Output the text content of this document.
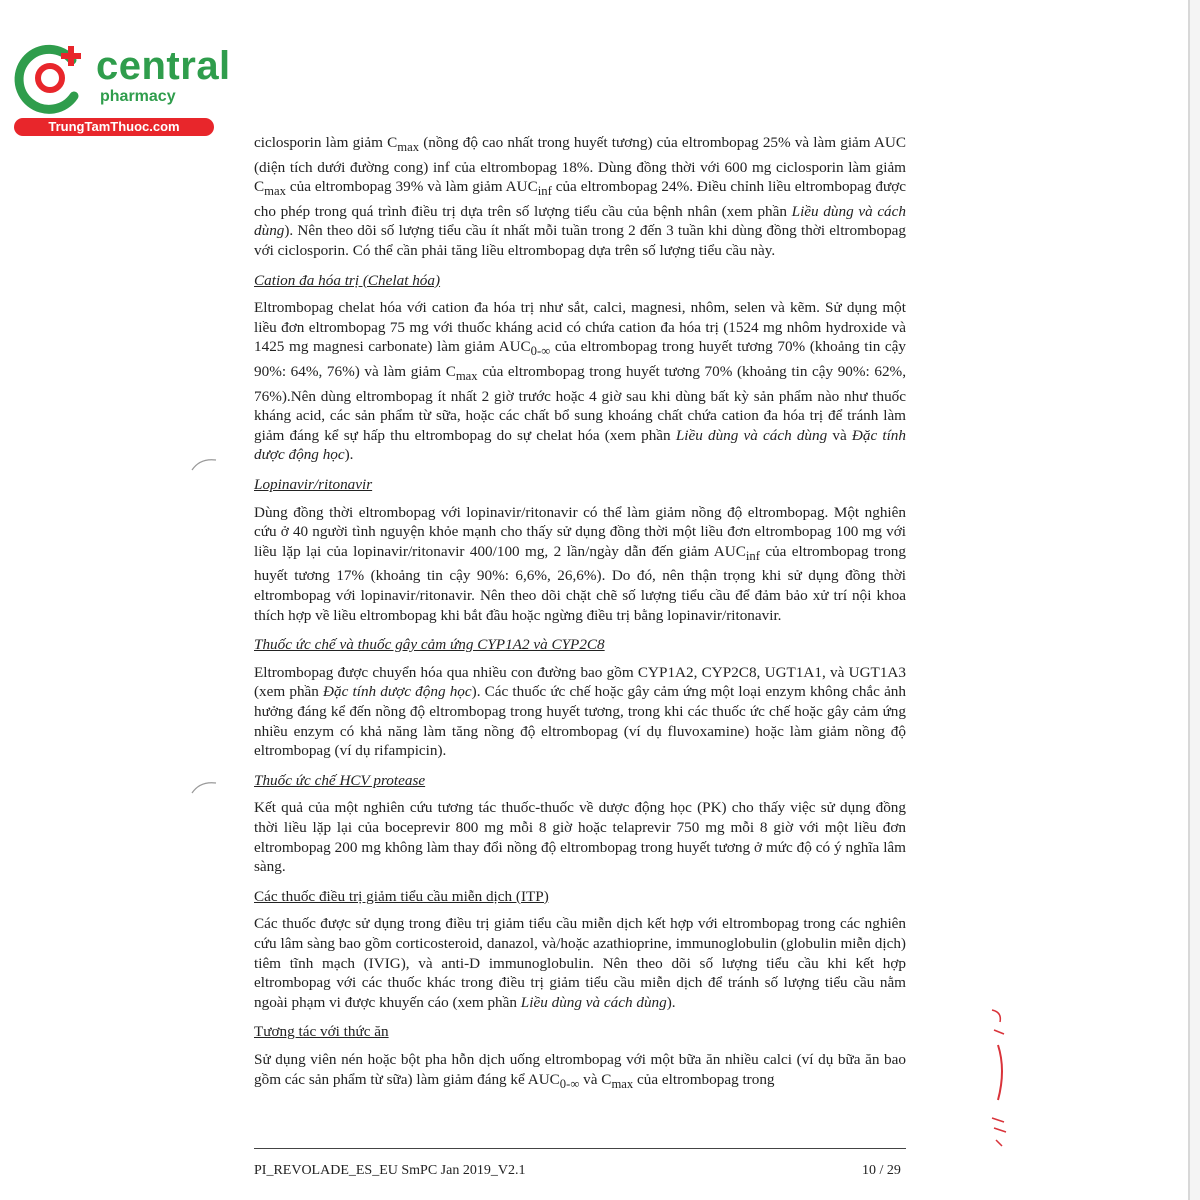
central
pharmacy
TrungTamThuoc.com

ciclosporin làm giảm $C_{max}$ (nồng độ cao nhất trong huyết tương) của eltrombopag 25% và làm giảm AUC (diện tích dưới đường cong) inf của eltrombopag 18%. Dùng đồng thời với 600 mg ciclosporin làm giảm $C_{max}$ của eltrombopag 39% và làm giảm $AUC_{inf}$ của eltrombopag 24%. Điều chỉnh liều eltrombopag được cho phép trong quá trình điều trị dựa trên số lượng tiểu cầu của bệnh nhân (xem phần Liều dùng và cách dùng). Nên theo dõi số lượng tiểu cầu ít nhất mỗi tuần trong 2 đến 3 tuần khi dùng đồng thời eltrombopag với ciclosporin. Có thể cần phải tăng liều eltrombopag dựa trên số lượng tiểu cầu này.

Cation đa hóa trị (Chelat hóa)

Eltrombopag chelat hóa với cation đa hóa trị như sắt, calci, magnesi, nhôm, selen và kẽm. Sử dụng một liều đơn eltrombopag 75 mg với thuốc kháng acid có chứa cation đa hóa trị (1524 mg nhôm hydroxide và 1425 mg magnesi carbonate) làm giảm $AUC_{0-\infty}$ của eltrombopag trong huyết tương 70% (khoảng tin cậy 90%: 64%, 76%) và làm giảm $C_{max}$ của eltrombopag trong huyết tương 70% (khoảng tin cậy 90%: 62%, 76%).Nên dùng eltrombopag ít nhất 2 giờ trước hoặc 4 giờ sau khi dùng bất kỳ sản phẩm nào như thuốc kháng acid, các sản phẩm từ sữa, hoặc các chất bổ sung khoáng chất chứa cation đa hóa trị để tránh làm giảm đáng kể sự hấp thu eltrombopag do sự chelat hóa (xem phần Liều dùng và cách dùng và Đặc tính dược động học).

Lopinavir/ritonavir

Dùng đồng thời eltrombopag với lopinavir/ritonavir có thể làm giảm nồng độ eltrombopag. Một nghiên cứu ở 40 người tình nguyện khỏe mạnh cho thấy sử dụng đồng thời một liều đơn eltrombopag 100 mg với liều lặp lại của lopinavir/ritonavir 400/100 mg, 2 lần/ngày dẫn đến giảm $AUC_{inf}$ của eltrombopag trong huyết tương 17% (khoảng tin cậy 90%: 6,6%, 26,6%). Do đó, nên thận trọng khi sử dụng đồng thời eltrombopag với lopinavir/ritonavir. Nên theo dõi chặt chẽ số lượng tiểu cầu để đảm bảo xử trí nội khoa thích hợp về liều eltrombopag khi bắt đầu hoặc ngừng điều trị bằng lopinavir/ritonavir.

Thuốc ức chế và thuốc gây cảm ứng CYP1A2 và CYP2C8

Eltrombopag được chuyển hóa qua nhiều con đường bao gồm CYP1A2, CYP2C8, UGT1A1, và UGT1A3 (xem phần Đặc tính dược động học). Các thuốc ức chế hoặc gây cảm ứng một loại enzym không chắc ảnh hưởng đáng kể đến nồng độ eltrombopag trong huyết tương, trong khi các thuốc ức chế hoặc gây cảm ứng nhiều enzym có khả năng làm tăng nồng độ eltrombopag (ví dụ fluvoxamine) hoặc làm giảm nồng độ eltrombopag (ví dụ rifampicin).

Thuốc ức chế HCV protease

Kết quả của một nghiên cứu tương tác thuốc-thuốc về dược động học (PK) cho thấy việc sử dụng đồng thời liều lặp lại của boceprevir 800 mg mỗi 8 giờ hoặc telaprevir 750 mg mỗi 8 giờ với một liều đơn eltrombopag 200 mg không làm thay đổi nồng độ eltrombopag trong huyết tương ở mức độ có ý nghĩa lâm sàng.

Các thuốc điều trị giảm tiểu cầu miễn dịch (ITP)

Các thuốc được sử dụng trong điều trị giảm tiểu cầu miễn dịch kết hợp với eltrombopag trong các nghiên cứu lâm sàng bao gồm corticosteroid, danazol, và/hoặc azathioprine, immunoglobulin (globulin miễn dịch) tiêm tĩnh mạch (IVIG), và anti-D immunoglobulin. Nên theo dõi số lượng tiểu cầu khi kết hợp eltrombopag với các thuốc khác trong điều trị giảm tiểu cầu miễn dịch để tránh số lượng tiểu cầu nằm ngoài phạm vi được khuyến cáo (xem phần Liều dùng và cách dùng).

Tương tác với thức ăn

Sử dụng viên nén hoặc bột pha hỗn dịch uống eltrombopag với một bữa ăn nhiều calci (ví dụ bữa ăn bao gồm các sản phẩm từ sữa) làm giảm đáng kể $AUC_{0-\infty}$ và $C_{max}$ của eltrombopag trong

PI_REVOLADE_ES_EU SmPC Jan 2019_V2.1	10 / 29
